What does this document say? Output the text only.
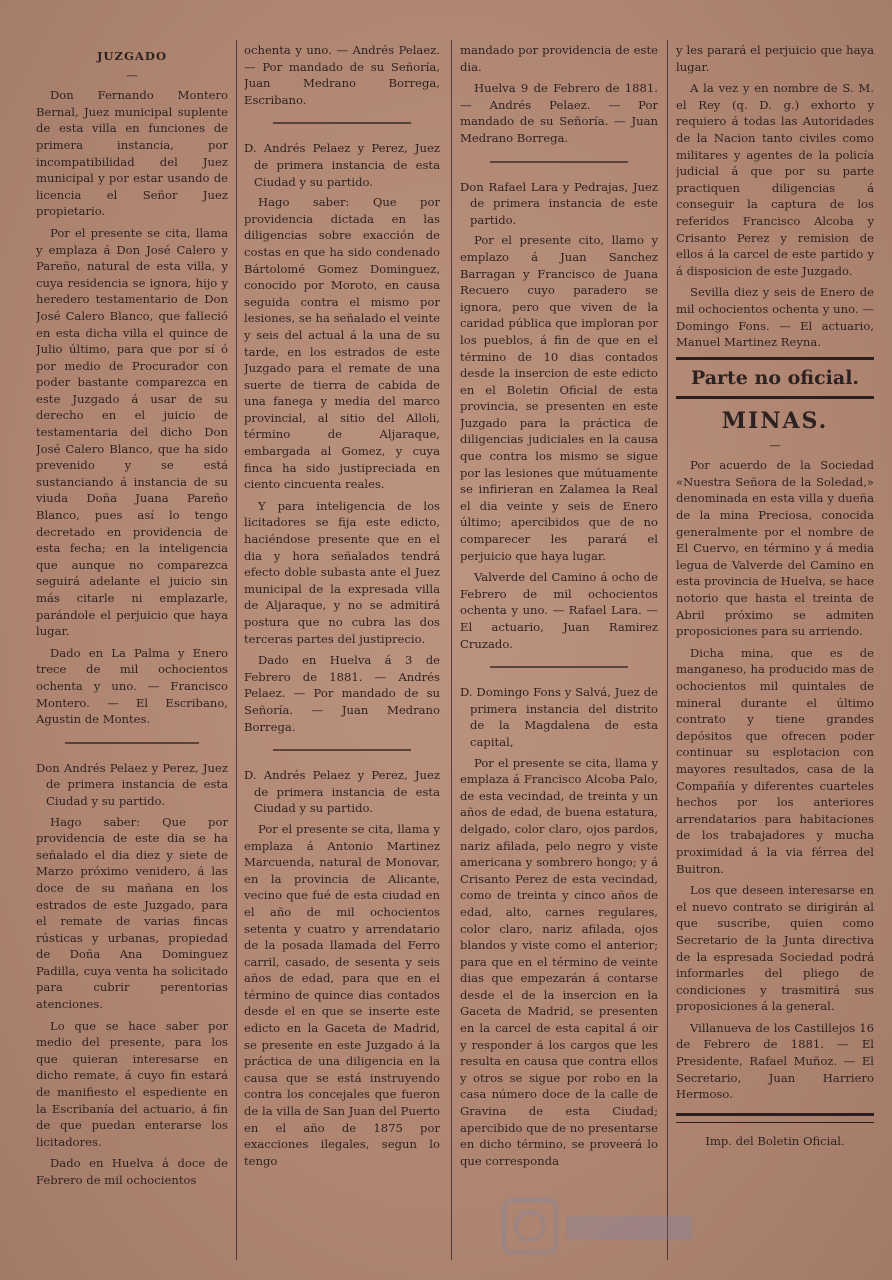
JUZGADO

—

Don Fernando Montero Bernal, Juez municipal suplente de esta villa en funciones de primera instancia, por incompatibilidad del Juez municipal y por estar usando de licencia el Señor Juez propietario.

Por el presente se cita, llama y emplaza á Don José Calero y Pareño, natural de esta villa, y cuya residencia se ignora, hijo y heredero testamentario de Don José Calero Blanco, que falleció en esta dicha villa el quince de Julio último, para que por sí ó por medio de Procurador con poder bastante comparezca en este Juzgado á usar de su derecho en el juicio de testamentaria del dicho Don José Calero Blanco, que ha sido prevenido y se está sustanciando á instancia de su viuda Doña Juana Pareño Blanco, pues así lo tengo decretado en providencia de esta fecha; en la inteligencia que aunque no comparezca seguirá adelante el juicio sin más citarle ni emplazarle, parándole el perjuicio que haya lugar.

Dado en La Palma y Enero trece de mil ochocientos ochenta y uno. — Francisco Montero. — El Escribano, Agustin de Montes.

Don Andrés Pelaez y Perez, Juez de primera instancia de esta Ciudad y su partido.

Hago saber: Que por providencia de este dia se ha señalado el dia diez y siete de Marzo próximo venidero, á las doce de su mañana en los estrados de este Juzgado, para el remate de varias fincas rústicas y urbanas, propiedad de Doña Ana Dominguez Padilla, cuya venta ha solicitado para cubrir perentorias atenciones.

Lo que se hace saber por medio del presente, para los que quieran interesarse en dicho remate, á cuyo fin estará de manifiesto el espediente en la Escribanía del actuario, á fin de que puedan enterarse los licitadores.

Dado en Huelva á doce de Febrero de mil ochocientos

ochenta y uno. — Andrés Pelaez. — Por mandado de su Señoría, Juan Medrano Borrega, Escribano.

D. Andrés Pelaez y Perez, Juez de primera instancia de esta Ciudad y su partido.

Hago saber: Que por providencia dictada en las diligencias sobre exacción de costas en que ha sido condenado Bártolomé Gomez Dominguez, conocido por Moroto, en causa seguida contra el mismo por lesiones, se ha señalado el veinte y seis del actual á la una de su tarde, en los estrados de este Juzgado para el remate de una suerte de tierra de cabida de una fanega y media del marco provincial, al sitio del Alloli, término de Aljaraque, embargada al Gomez, y cuya finca ha sido justipreciada en ciento cincuenta reales.

Y para inteligencia de los licitadores se fija este edicto, haciéndose presente que en el dia y hora señalados tendrá efecto doble subasta ante el Juez municipal de la expresada villa de Aljaraque, y no se admitirá postura que no cubra las dos terceras partes del justiprecio.

Dado en Huelva á 3 de Febrero de 1881. — Andrés Pelaez. — Por mandado de su Señoría. — Juan Medrano Borrega.

D. Andrés Pelaez y Perez, Juez de primera instancia de esta Ciudad y su partido.

Por el presente se cita, llama y emplaza á Antonio Martinez Marcuenda, natural de Monovar, en la provincia de Alicante, vecino que fué de esta ciudad en el año de mil ochocientos setenta y cuatro y arrendatario de la posada llamada del Ferro carril, casado, de sesenta y seis años de edad, para que en el término de quince dias contados desde el en que se inserte este edicto en la Gaceta de Madrid, se presente en este Juzgado á la práctica de una diligencia en la causa que se está instruyendo contra los concejales que fueron de la villa de San Juan del Puerto en el año de 1875 por exacciones ilegales, segun lo tengo

mandado por providencia de este dia.

Huelva 9 de Febrero de 1881. — Andrés Pelaez. — Por mandado de su Señoría. — Juan Medrano Borrega.

Don Rafael Lara y Pedrajas, Juez de primera instancia de este partido.

Por el presente cito, llamo y emplazo á Juan Sanchez Barragan y Francisco de Juana Recuero cuyo paradero se ignora, pero que viven de la caridad pública que imploran por los pueblos, á fin de que en el término de 10 dias contados desde la insercion de este edicto en el Boletin Oficial de esta provincia, se presenten en este Juzgado para la práctica de diligencias judiciales en la causa que contra los mismo se sigue por las lesiones que mútuamente se infirieran en Zalamea la Real el dia veinte y seis de Enero último; apercibidos que de no comparecer les parará el perjuicio que haya lugar.

Valverde del Camino á ocho de Febrero de mil ochocientos ochenta y uno. — Rafael Lara. — El actuario, Juan Ramirez Cruzado.

D. Domingo Fons y Salvá, Juez de primera instancia del distrito de la Magdalena de esta capital,

Por el presente se cita, llama y emplaza á Francisco Alcoba Palo, de esta vecindad, de treinta y un años de edad, de buena estatura, delgado, color claro, ojos pardos, nariz afilada, pelo negro y viste americana y sombrero hongo; y á Crisanto Perez de esta vecindad, como de treinta y cinco años de edad, alto, carnes regulares, color claro, nariz afilada, ojos blandos y viste como el anterior; para que en el término de veinte dias que empezarán á contarse desde el de la insercion en la Gaceta de Madrid, se presenten en la carcel de esta capital á oir y responder á los cargos que les resulta en causa que contra ellos y otros se sigue por robo en la casa número doce de la calle de Gravina de esta Ciudad; apercibido que de no presentarse en dicho término, se proveerá lo que corresponda

y les parará el perjuicio que haya lugar.

A la vez y en nombre de S. M. el Rey (q. D. g.) exhorto y requiero á todas las Autoridades de la Nacion tanto civiles como militares y agentes de la policía judicial á que por su parte practiquen diligencias á conseguir la captura de los referidos Francisco Alcoba y Crisanto Perez y remision de ellos á la carcel de este partido y á disposicion de este Juzgado.

Sevilla diez y seis de Enero de mil ochocientos ochenta y uno. — Domingo Fons. — El actuario, Manuel Martinez Reyna.

Parte no oficial.
MINAS.

—

Por acuerdo de la Sociedad «Nuestra Señora de la Soledad,» denominada en esta villa y dueña de la mina Preciosa, conocida generalmente por el nombre de El Cuervo, en término y á media legua de Valverde del Camino en esta provincia de Huelva, se hace notorio que hasta el treinta de Abril próximo se admiten proposiciones para su arriendo.

Dicha mina, que es de manganeso, ha producido mas de ochocientos mil quintales de mineral durante el último contrato y tiene grandes depósitos que ofrecen poder continuar su esplotacion con mayores resultados, casa de la Compañía y diferentes cuarteles hechos por los anteriores arrendatarios para habitaciones de los trabajadores y mucha proximidad á la via férrea del Buitron.

Los que deseen interesarse en el nuevo contrato se dirigirán al que suscribe, quien como Secretario de la Junta directiva de la espresada Sociedad podrá informarles del pliego de condiciones y trasmitirá sus proposiciones á la general.

Villanueva de los Castillejos 16 de Febrero de 1881. — El Presidente, Rafael Muñoz. — El Secretario, Juan Harriero Hermoso.

Imp. del Boletin Oficial.
